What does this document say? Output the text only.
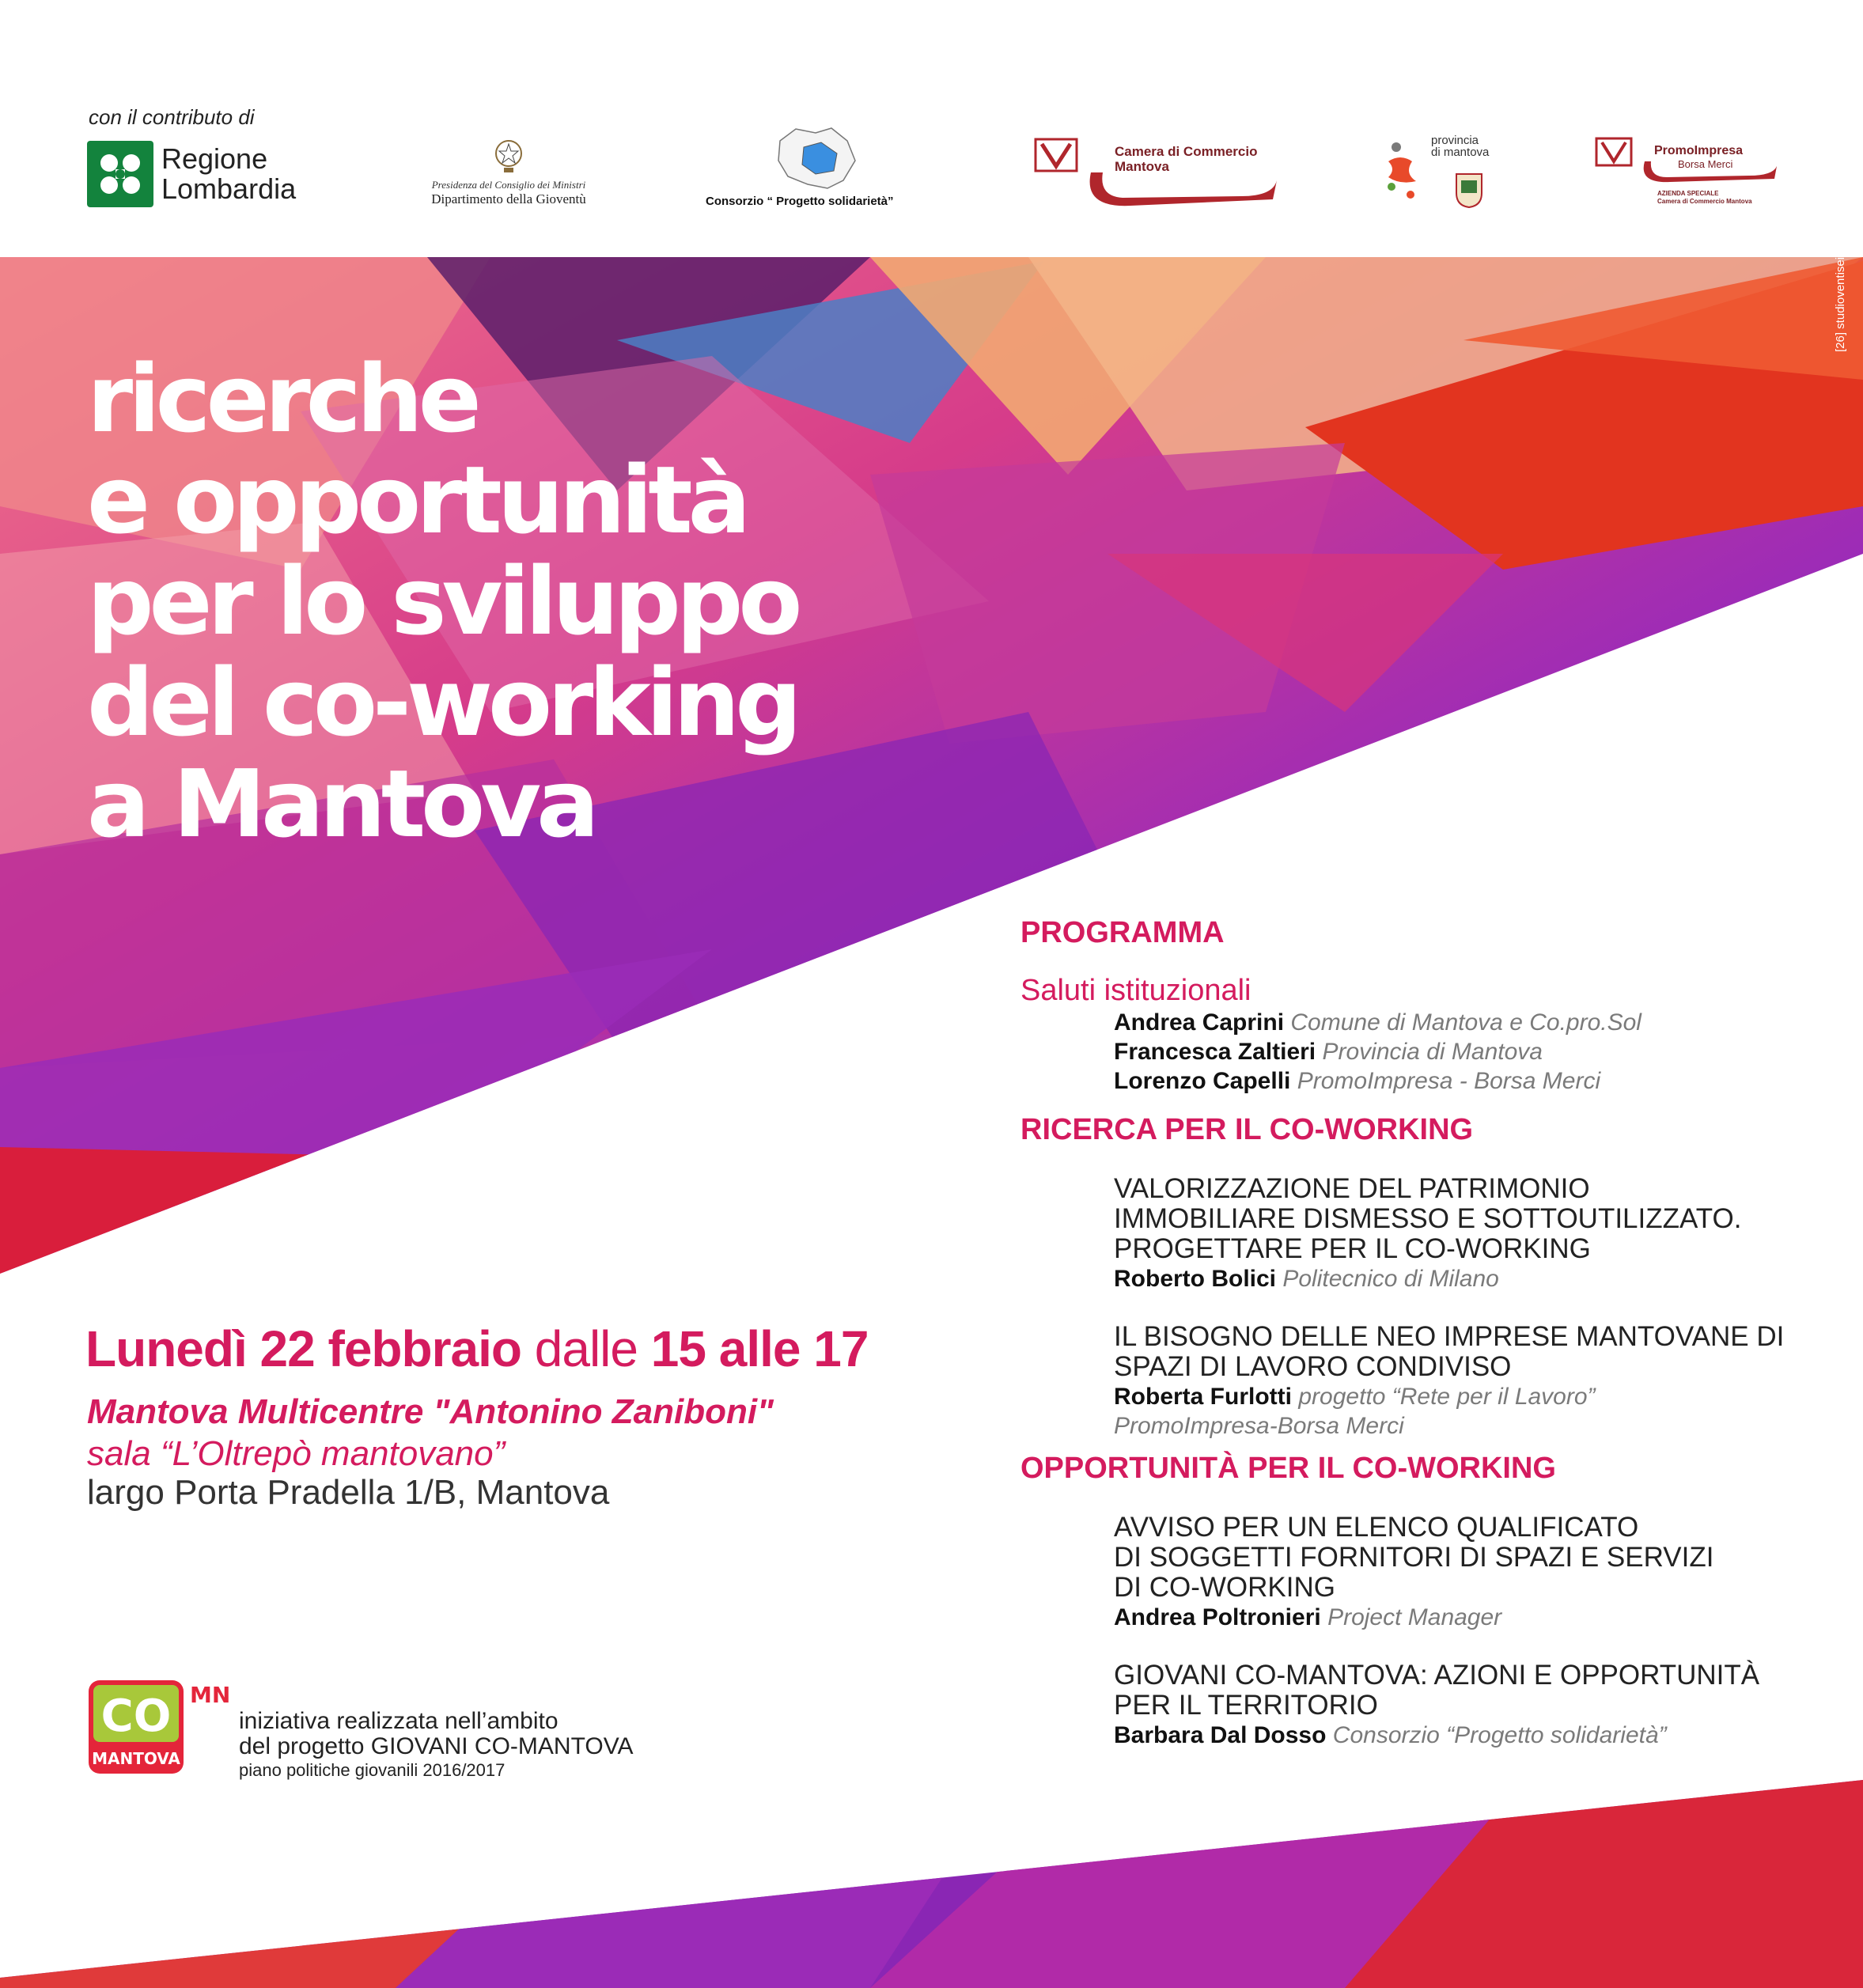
con il contributo di
Regione
Lombardia	Presidenza del Consiglio dei Ministri
Dipartimento della Gioventù	Consorzio “ Progetto solidarietà”
Camera di Commercio
Mantova
provincia
di mantova	PromoImpresa
Borsa Merci
AZIENDA SPECIALE
Camera di Commercio Mantova
ricerche
e opportunità
per lo sviluppo
del co-working
a Mantova
[26] studioventisei.it
Lunedì 22 febbraio dalle 15 alle 17
Mantova Multicentre "Antonino Zaniboni"
sala “L’Oltrepò mantovano”
largo Porta Pradella 1/B, Mantova
CO
MANTOVA
MN
iniziativa realizzata nell’ambito
del progetto GIOVANI CO-MANTOVA
piano politiche giovanili 2016/2017
PROGRAMMA
Saluti istituzionali
Andrea Caprini Comune di Mantova e Co.pro.Sol
Francesca Zaltieri Provincia di Mantova
Lorenzo Capelli PromoImpresa - Borsa Merci
RICERCA PER IL CO-WORKING
VALORIZZAZIONE DEL PATRIMONIO
IMMOBILIARE DISMESSO E SOTTOUTILIZZATO.
PROGETTARE PER IL CO-WORKING
Roberto Bolici Politecnico di Milano
IL BISOGNO DELLE NEO IMPRESE MANTOVANE DI
SPAZI DI LAVORO CONDIVISO
Roberta Furlotti progetto “Rete per il Lavoro”
PromoImpresa-Borsa Merci
OPPORTUNITÀ PER IL CO-WORKING
AVVISO PER UN ELENCO QUALIFICATO
DI SOGGETTI FORNITORI DI SPAZI E SERVIZI
DI CO-WORKING
Andrea Poltronieri Project Manager
GIOVANI CO-MANTOVA: AZIONI E OPPORTUNITÀ
PER IL TERRITORIO
Barbara Dal Dosso Consorzio “Progetto solidarietà”
